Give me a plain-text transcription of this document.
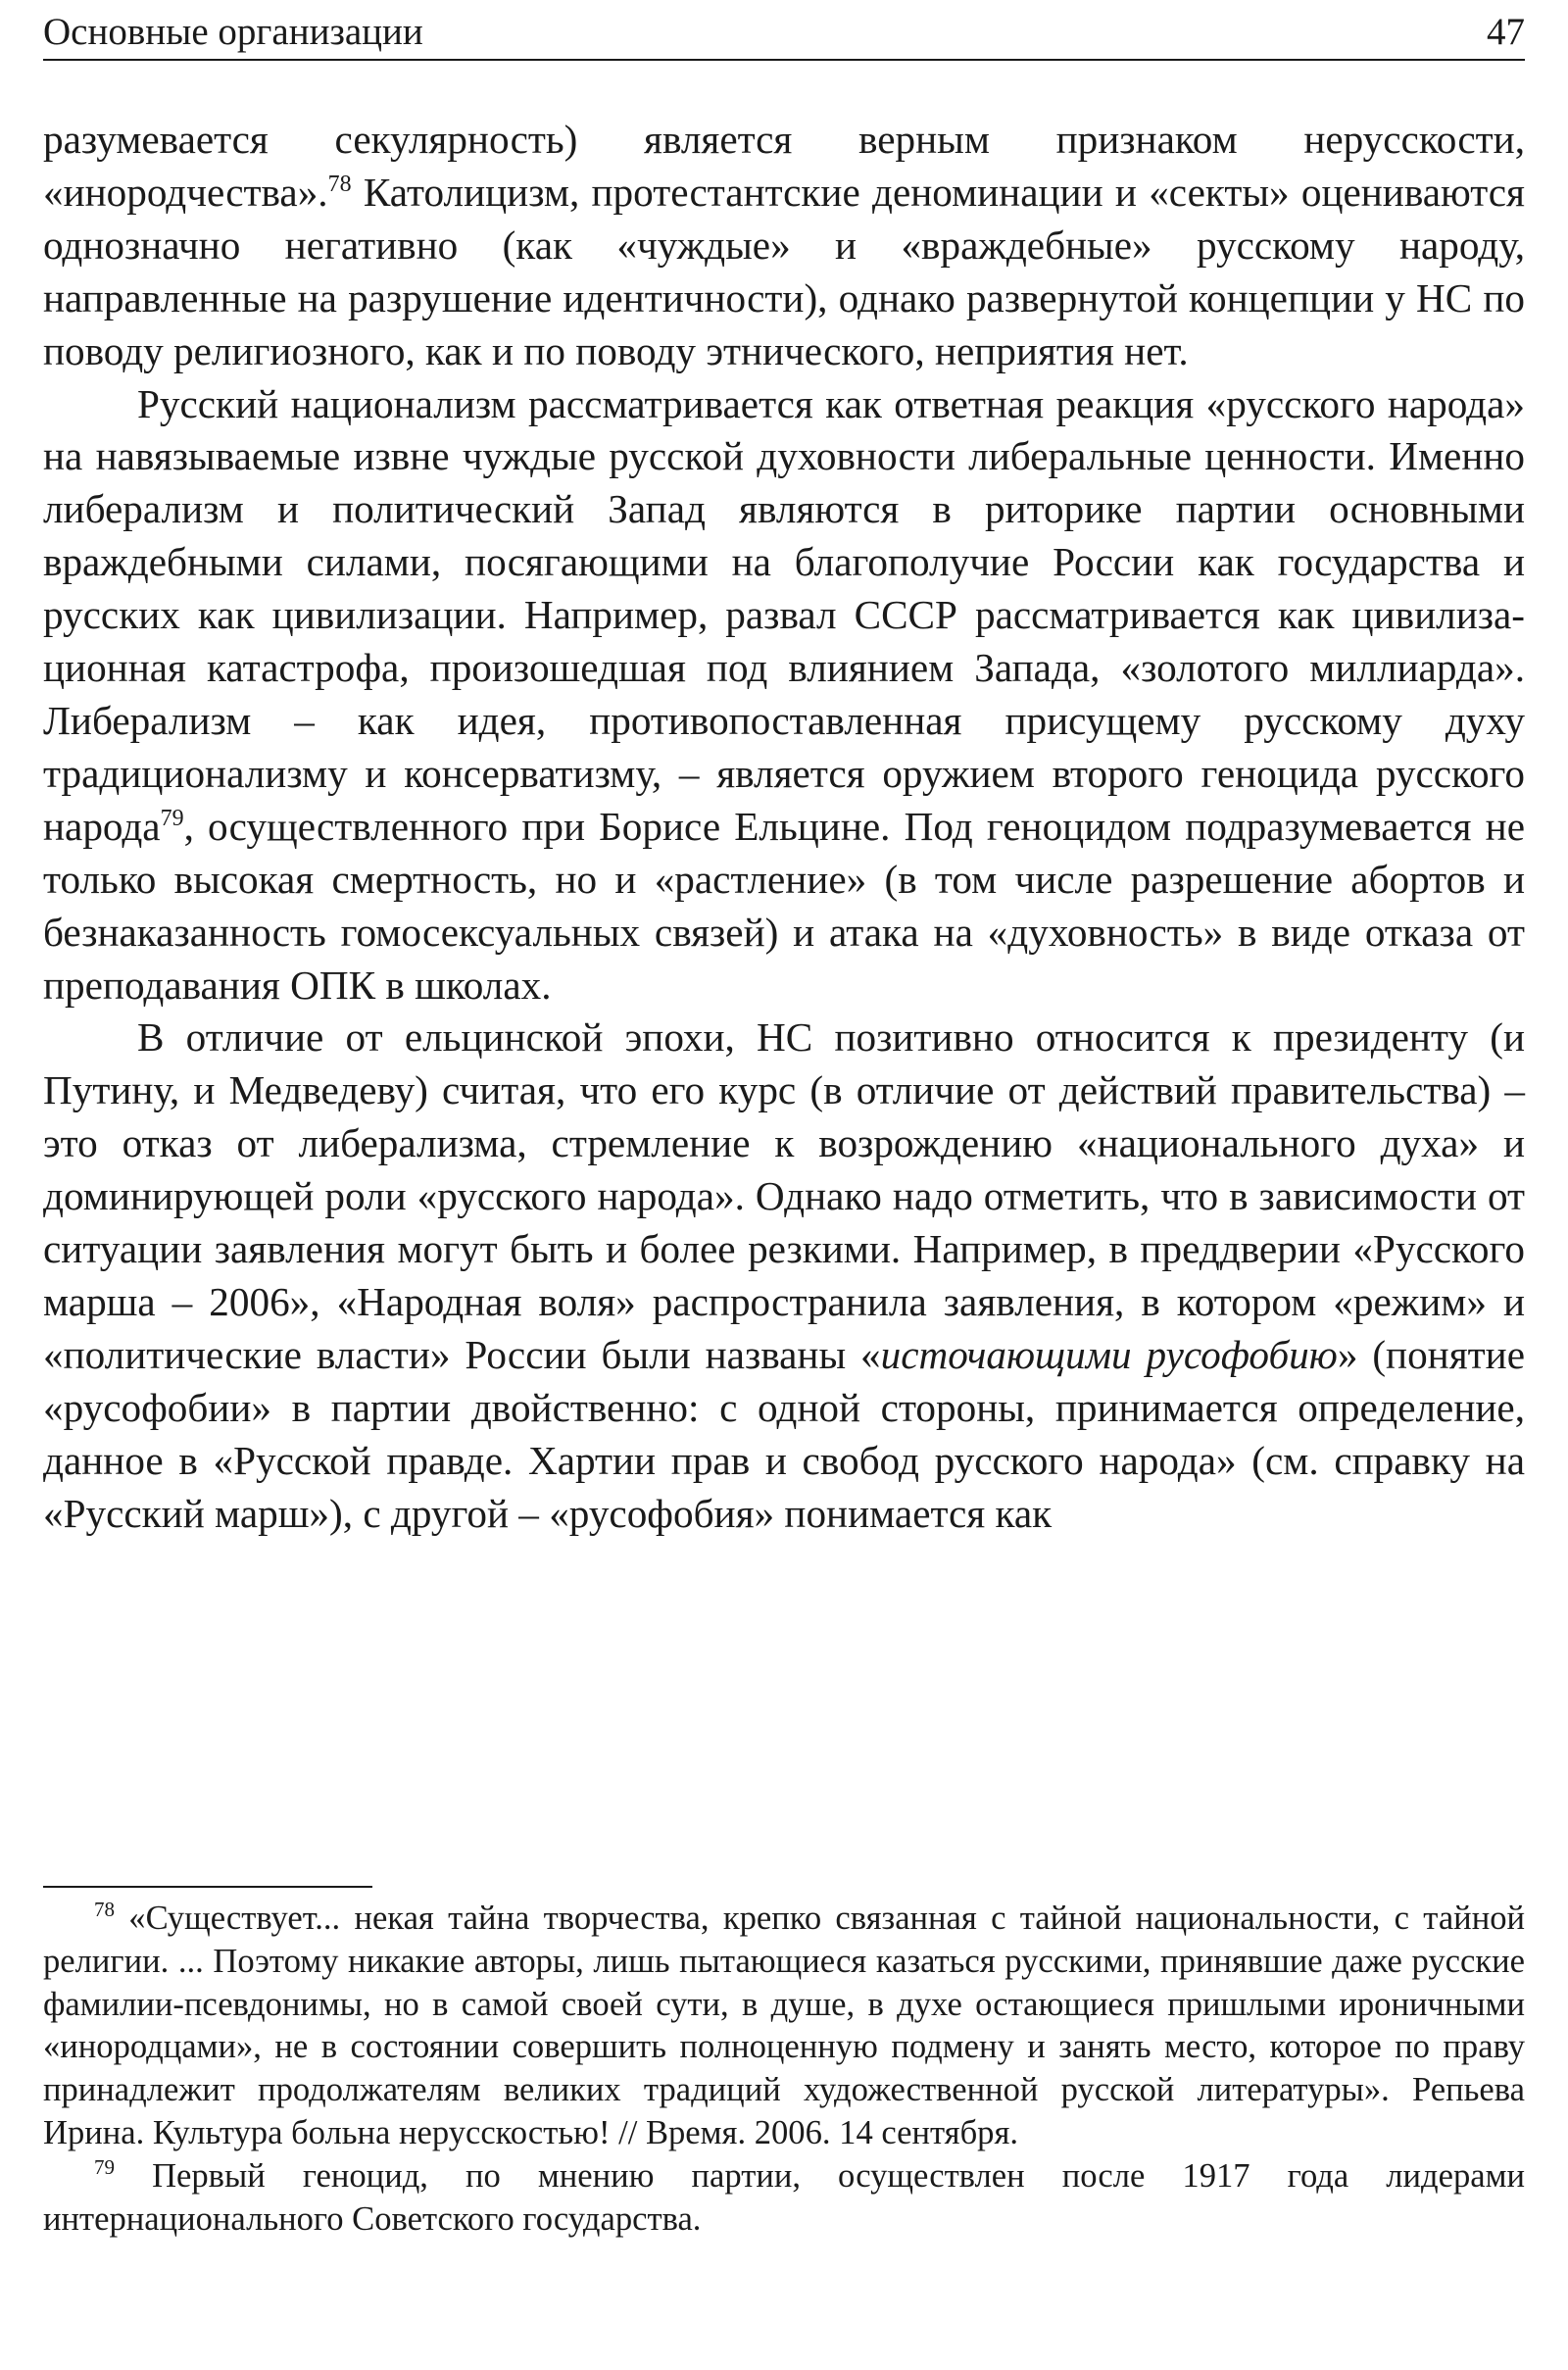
Основные организации	47

разумевается секулярность) является верным признаком нерусскости, «инородчества».$^{78}$ Католицизм, протестантские деноминации и «секты» оцениваются однозначно негативно (как «чуждые» и «враждебные» русскому народу, направленные на разрушение идентичности), однако развернутой концепции у НС по поводу религиозного, как и по поводу этнического, неприятия нет.

Русский национализм рассматривается как ответная реакция «русского народа» на навязываемые извне чуждые русской духовности либеральные ценности. Именно либерализм и политический Запад являются в риторике партии основными враждебными силами, посягающими на благополучие России как государства и русских как цивилизации. Например, развал СССР рассматривается как цивилизационная катастрофа, произошедшая под влиянием Запада, «золотого миллиарда». Либерализм – как идея, противопоставленная присущему русскому духу традиционализму и консерватизму, – является оружием второго геноцида русского народа$^{79}$, осуществленного при Борисе Ельцине. Под геноцидом подразумевается не только высокая смертность, но и «растление» (в том числе разрешение абортов и безнаказанность гомосексуальных связей) и атака на «духовность» в виде отказа от преподавания ОПК в школах.

В отличие от ельцинской эпохи, НС позитивно относится к президенту (и Путину, и Медведеву) считая, что его курс (в отличие от действий правительства) – это отказ от либерализма, стремление к возрождению «национального духа» и доминирующей роли «русского народа». Однако надо отметить, что в зависимости от ситуации заявления могут быть и более резкими. Например, в преддверии «Русского марша – 2006», «Народная воля» распространила заявления, в котором «режим» и «политические власти» России были названы «источающими русофобию» (понятие «русофобии» в партии двойственно: с одной стороны, принимается определение, данное в «Русской правде. Хартии прав и свобод русского народа» (см. справку на «Русский марш»), с другой – «русофобия» понимается как

$^{78}$ «Существует... некая тайна творчества, крепко связанная с тайной национальности, с тайной религии. ... Поэтому никакие авторы, лишь пытающиеся казаться русскими, принявшие даже русские фамилии-псевдонимы, но в самой своей сути, в душе, в духе остающиеся пришлыми ироничными «инородцами», не в состоянии совершить полноценную подмену и занять место, которое по праву принадлежит продолжателям великих традиций художественной русской литературы». Репьева Ирина. Культура больна нерусскостью! // Время. 2006. 14 сентября.

$^{79}$ Первый геноцид, по мнению партии, осуществлен после 1917 года лидерами интернационального Советского государства.
